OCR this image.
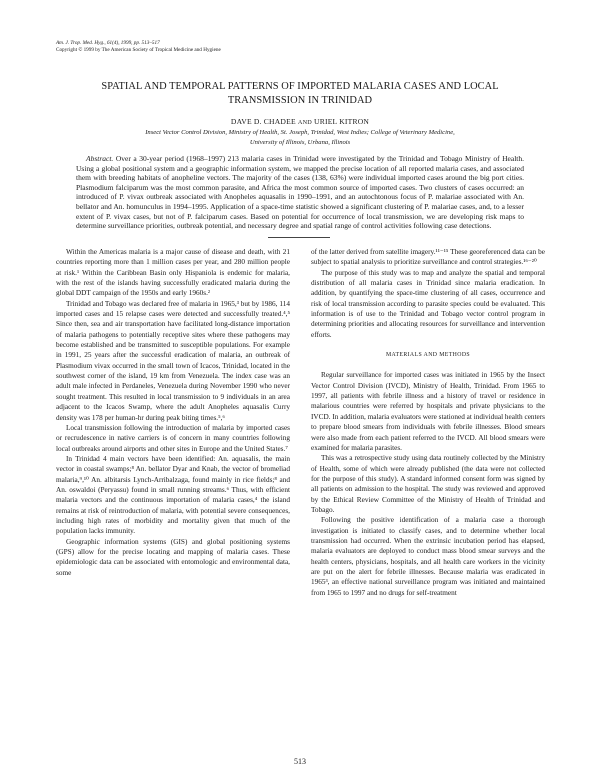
Am. J. Trop. Med. Hyg., 61(4), 1999, pp. 513–517
Copyright © 1999 by The American Society of Tropical Medicine and Hygiene
SPATIAL AND TEMPORAL PATTERNS OF IMPORTED MALARIA CASES AND LOCAL
TRANSMISSION IN TRINIDAD
DAVE D. CHADEE AND URIEL KITRON
Insect Vector Control Division, Ministry of Health, St. Joseph, Trinidad, West Indies; College of Veterinary Medicine,
University of Illinois, Urbana, Illinois
Abstract. Over a 30-year period (1968–1997) 213 malaria cases in Trinidad were investigated by the Trinidad and Tobago Ministry of Health. Using a global positional system and a geographic information system, we mapped the precise location of all reported malaria cases, and associated them with breeding habitats of anopheline vectors. The majority of the cases (138, 63%) were individual imported cases around the big port cities. Plasmodium falciparum was the most common parasite, and Africa the most common source of imported cases. Two clusters of cases occurred: an introduced of P. vivax outbreak associated with Anopheles aquasalis in 1990–1991, and an autochtonous focus of P. malariae associated with An. bellator and An. homunculus in 1994–1995. Application of a space-time statistic showed a significant clustering of P. malariae cases, and, to a lesser extent of P. vivax cases, but not of P. falciparum cases. Based on potential for occurrence of local transmission, we are developing risk maps to determine surveillance priorities, outbreak potential, and necessary degree and spatial range of control activities following case detections.

Within the Americas malaria is a major cause of disease and death, with 21 countries reporting more than 1 million cases per year, and 280 million people at risk.¹ Within the Caribbean Basin only Hispaniola is endemic for malaria, with the rest of the islands having successfully eradicated malaria during the global DDT campaign of the 1950s and early 1960s.²

Trinidad and Tobago was declared free of malaria in 1965,³ but by 1986, 114 imported cases and 15 relapse cases were detected and successfully treated.⁴,⁵ Since then, sea and air transportation have facilitated long-distance importation of malaria pathogens to potentially receptive sites where these pathogens may become established and be transmitted to susceptible populations. For example in 1991, 25 years after the successful eradication of malaria, an outbreak of Plasmodium vivax occurred in the small town of Icacos, Trinidad, located in the southwest corner of the island, 19 km from Venezuela. The index case was an adult male infected in Perdaneles, Venezuela during November 1990 who never sought treatment. This resulted in local transmission to 9 individuals in an area adjacent to the Icacos Swamp, where the adult Anopheles aquasalis Curry density was 178 per human-hr during peak biting times.⁵,⁶

Local transmission following the introduction of malaria by imported cases or recrudescence in native carriers is of concern in many countries following local outbreaks around airports and other sites in Europe and the United States.⁷

In Trinidad 4 main vectors have been identified: An. aquasalis, the main vector in coastal swamps;⁸ An. bellator Dyar and Knab, the vector of bromeliad malaria,⁹,¹⁰ An. albitarsis Lynch-Arribalzaga, found mainly in rice fields;⁸ and An. oswaldoi (Peryassu) found in small running streams.⁶ Thus, with efficient malaria vectors and the continuous importation of malaria cases,⁴ the island remains at risk of reintroduction of malaria, with potential severe consequences, including high rates of morbidity and mortality given that much of the population lacks immunity.

Geographic information systems (GIS) and global positioning systems (GPS) allow for the precise locating and mapping of malaria cases. These epidemiologic data can be associated with entomologic and environmental data, some

of the latter derived from satellite imagery.¹¹⁻¹⁵ These georeferenced data can be subject to spatial analysis to prioritize surveillance and control strategies.¹⁶⁻²⁰

The purpose of this study was to map and analyze the spatial and temporal distribution of all malaria cases in Trinidad since malaria eradication. In addition, by quantifying the space-time clustering of all cases, occurrence and risk of local transmission according to parasite species could be evaluated. This information is of use to the Trinidad and Tobago vector control program in determining priorities and allocating resources for surveillance and intervention efforts.

MATERIALS AND METHODS

Regular surveillance for imported cases was initiated in 1965 by the Insect Vector Control Division (IVCD), Ministry of Health, Trinidad. From 1965 to 1997, all patients with febrile illness and a history of travel or residence in malarious countries were referred by hospitals and private physicians to the IVCD. In addition, malaria evaluators were stationed at individual health centers to prepare blood smears from individuals with febrile illnesses. Blood smears were also made from each patient referred to the IVCD. All blood smears were examined for malaria parasites.

This was a retrospective study using data routinely collected by the Ministry of Health, some of which were already published (the data were not collected for the purpose of this study). A standard informed consent form was signed by all patients on admission to the hospital. The study was reviewed and approved by the Ethical Review Committee of the Ministry of Health of Trinidad and Tobago.

Following the positive identification of a malaria case a thorough investigation is initiated to classify cases, and to determine whether local transmission had occurred. When the extrinsic incubation period has elapsed, malaria evaluators are deployed to conduct mass blood smear surveys and the health centers, physicians, hospitals, and all health care workers in the vicinity are put on the alert for febrile illnesses. Because malaria was eradicated in 1965³, an effective national surveillance program was initiated and maintained from 1965 to 1997 and no drugs for self-treatment

513
